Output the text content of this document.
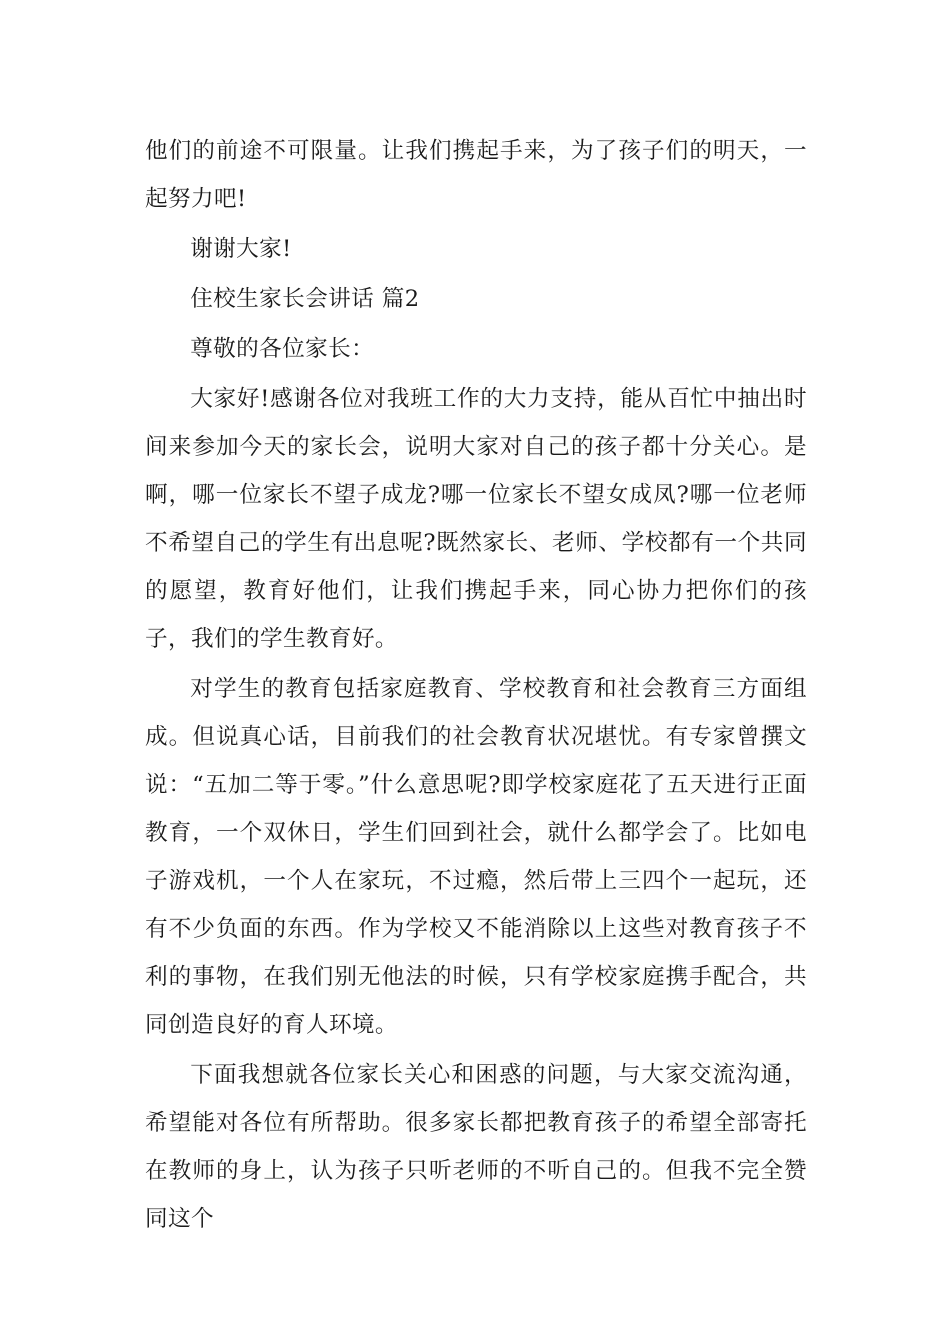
他们的前途不可限量。让我们携起手来，为了孩子们的明天，一起努力吧!

谢谢大家!

住校生家长会讲话 篇2

尊敬的各位家长：

大家好!感谢各位对我班工作的大力支持，能从百忙中抽出时间来参加今天的家长会，说明大家对自己的孩子都十分关心。是啊，哪一位家长不望子成龙?哪一位家长不望女成凤?哪一位老师不希望自己的学生有出息呢?既然家长、老师、学校都有一个共同的愿望，教育好他们，让我们携起手来，同心协力把你们的孩子，我们的学生教育好。

对学生的教育包括家庭教育、学校教育和社会教育三方面组成。但说真心话，目前我们的社会教育状况堪忧。有专家曾撰文说：“五加二等于零。”什么意思呢?即学校家庭花了五天进行正面教育，一个双休日，学生们回到社会，就什么都学会了。比如电子游戏机，一个人在家玩，不过瘾，然后带上三四个一起玩，还有不少负面的东西。作为学校又不能消除以上这些对教育孩子不利的事物，在我们别无他法的时候，只有学校家庭携手配合，共同创造良好的育人环境。

下面我想就各位家长关心和困惑的问题，与大家交流沟通，希望能对各位有所帮助。很多家长都把教育孩子的希望全部寄托在教师的身上，认为孩子只听老师的不听自己的。但我不完全赞同这个
